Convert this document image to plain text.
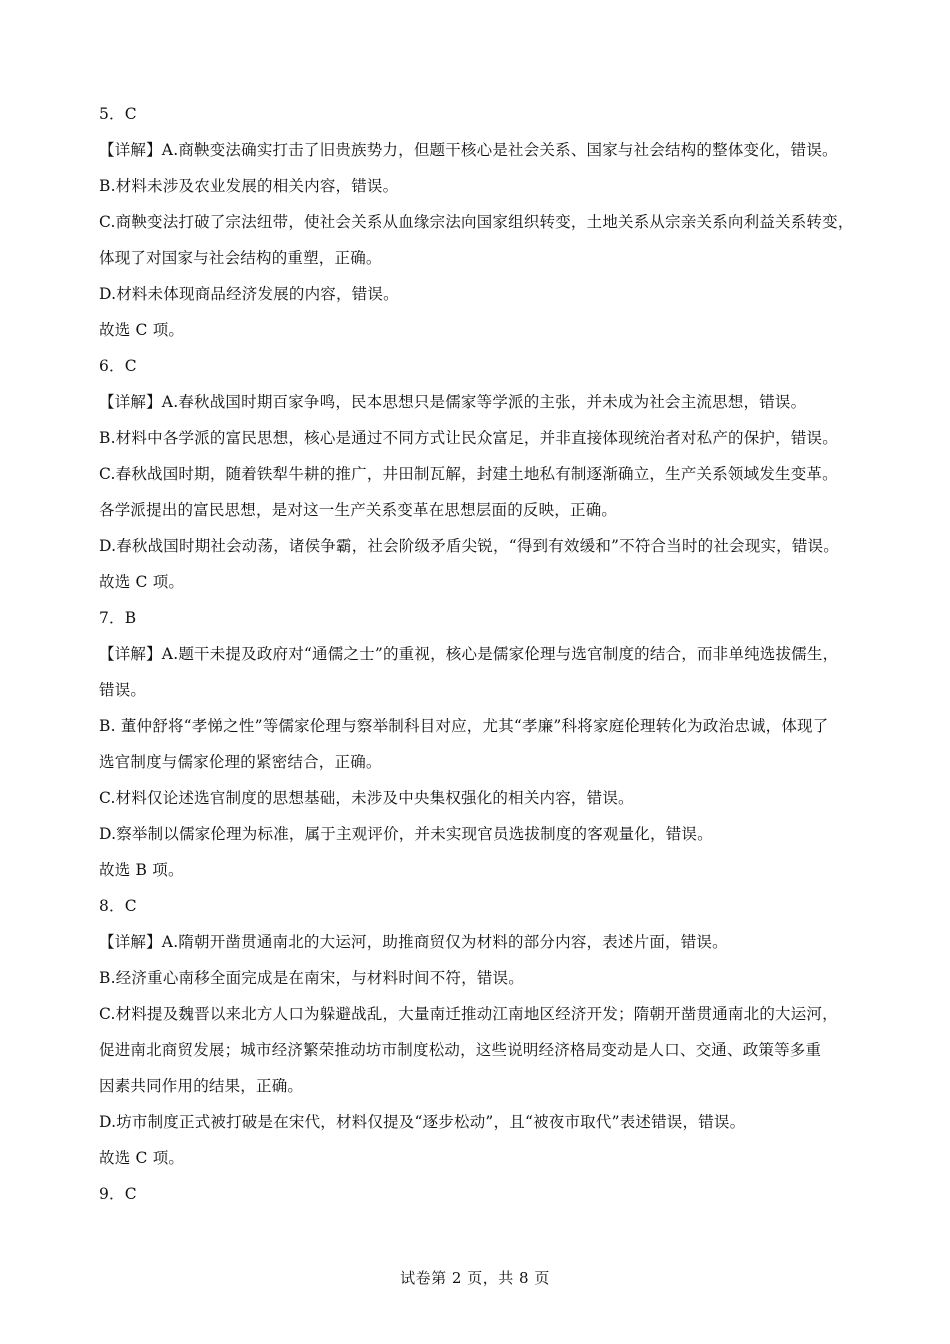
5．C
【详解】A.商鞅变法确实打击了旧贵族势力，但题干核心是社会关系、国家与社会结构的整体变化，错误。
B.材料未涉及农业发展的相关内容，错误。
C.商鞅变法打破了宗法纽带，使社会关系从血缘宗法向国家组织转变，土地关系从宗亲关系向利益关系转变，
体现了对国家与社会结构的重塑，正确。
D.材料未体现商品经济发展的内容，错误。
故选 C 项。
6．C
【详解】A.春秋战国时期百家争鸣，民本思想只是儒家等学派的主张，并未成为社会主流思想，错误。
B.材料中各学派的富民思想，核心是通过不同方式让民众富足，并非直接体现统治者对私产的保护，错误。
C.春秋战国时期，随着铁犁牛耕的推广，井田制瓦解，封建土地私有制逐渐确立，生产关系领域发生变革。
各学派提出的富民思想，是对这一生产关系变革在思想层面的反映，正确。
D.春秋战国时期社会动荡，诸侯争霸，社会阶级矛盾尖锐，“得到有效缓和”不符合当时的社会现实，错误。
故选 C 项。
7．B
【详解】A.题干未提及政府对“通儒之士”的重视，核心是儒家伦理与选官制度的结合，而非单纯选拔儒生，
错误。
B. 董仲舒将“孝悌之性”等儒家伦理与察举制科目对应，尤其“孝廉”科将家庭伦理转化为政治忠诚，体现了
选官制度与儒家伦理的紧密结合，正确。
C.材料仅论述选官制度的思想基础，未涉及中央集权强化的相关内容，错误。
D.察举制以儒家伦理为标准，属于主观评价，并未实现官员选拔制度的客观量化，错误。
故选 B 项。
8．C
【详解】A.隋朝开凿贯通南北的大运河，助推商贸仅为材料的部分内容，表述片面，错误。
B.经济重心南移全面完成是在南宋，与材料时间不符，错误。
C.材料提及魏晋以来北方人口为躲避战乱，大量南迁推动江南地区经济开发；隋朝开凿贯通南北的大运河，
促进南北商贸发展；城市经济繁荣推动坊市制度松动，这些说明经济格局变动是人口、交通、政策等多重
因素共同作用的结果，正确。
D.坊市制度正式被打破是在宋代，材料仅提及“逐步松动”，且“被夜市取代”表述错误，错误。
故选 C 项。
9．C
试卷第 2 页，共 8 页
